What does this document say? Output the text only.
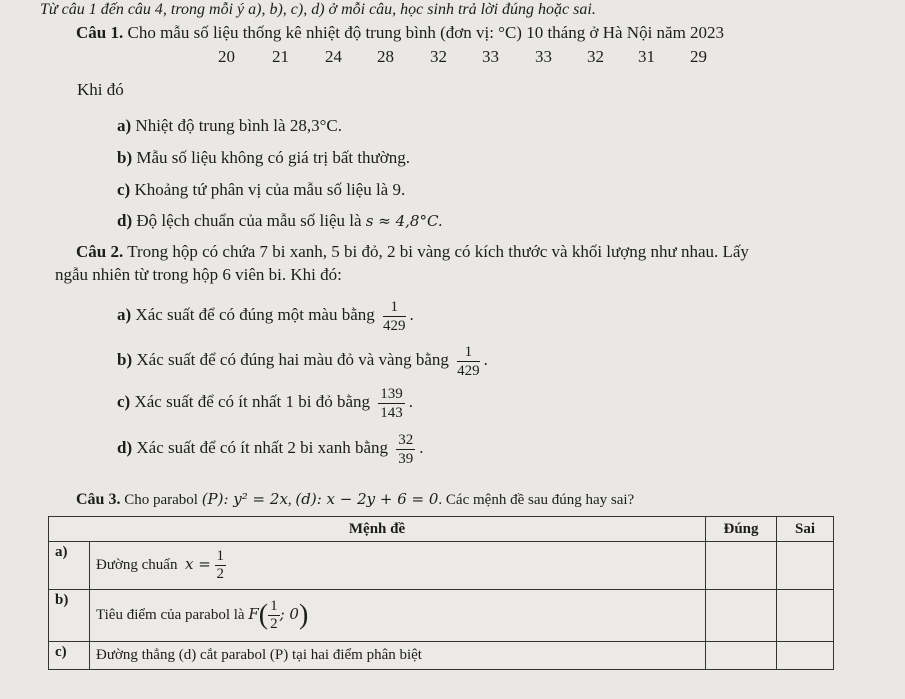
Từ câu 1 đến câu 4, trong mỗi ý a), b), c), d) ở mỗi câu, học sinh trả lời đúng hoặc sai.
Câu 1. Cho mẫu số liệu thống kê nhiệt độ trung bình (đơn vị: °C) 10 tháng ở Hà Nội năm 2023
20 21 24 28 32 33 33 32 31 29
Khi đó
a) Nhiệt độ trung bình là 28,3°C.
b) Mẫu số liệu không có giá trị bất thường.
c) Khoảng tứ phân vị của mẫu số liệu là 9.
d) Độ lệch chuẩn của mẫu số liệu là s ≈ 4,8°C.
Câu 2. Trong hộp có chứa 7 bi xanh, 5 bi đỏ, 2 bi vàng có kích thước và khối lượng như nhau. Lấy
ngẫu nhiên từ trong hộp 6 viên bi. Khi đó:
a) Xác suất để có đúng một màu bằng $\frac{1}{429}$ .
b) Xác suất để có đúng hai màu đỏ và vàng bằng $\frac{1}{429}$ .
c) Xác suất để có ít nhất 1 bi đỏ bằng $\frac{139}{143}$ .
d) Xác suất để có ít nhất 2 bi xanh bằng $\frac{32}{39}$ .
Câu 3. Cho parabol (P): y² = 2x, (d): x − 2y + 6 = 0. Các mệnh đề sau đúng hay sai?
Mệnh đề		Đúng	Sai
a)	Đường chuẩn $x = \frac{1}{2}$

b)	Tiêu điểm của parabol là $F( \frac{1}{2}$ ; 0)		
c)	Đường thẳng (d) cắt parabol (P) tại hai điểm phân biệt		
